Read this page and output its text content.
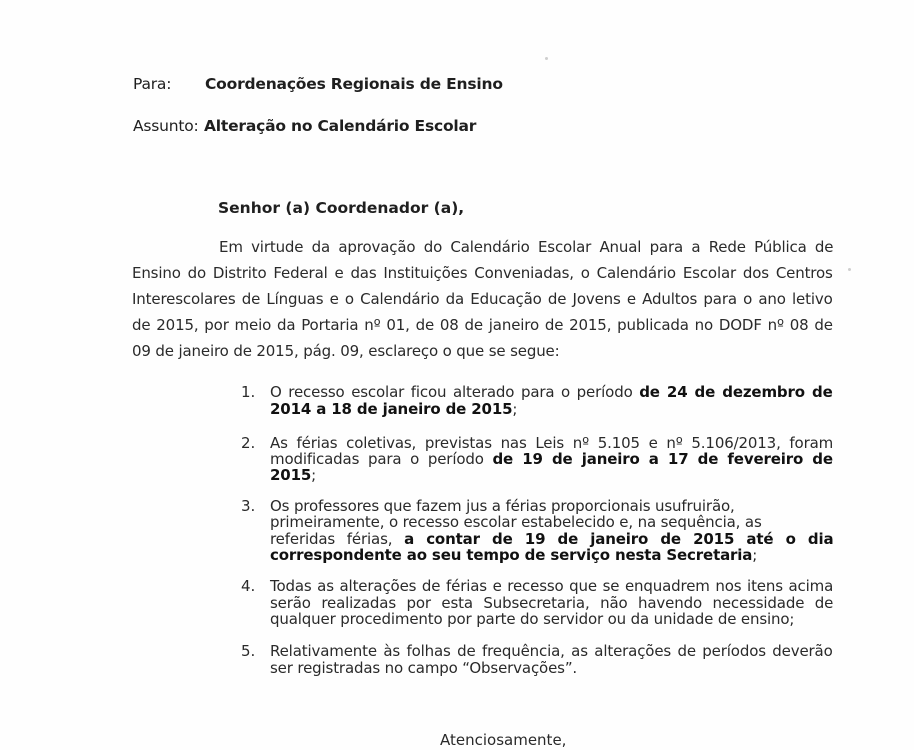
Para: Coordenações Regionais de Ensino
Assunto: Alteração no Calendário Escolar
Senhor (a) Coordenador (a),
Em virtude da aprovação do Calendário Escolar Anual para a Rede Pública de
Ensino do Distrito Federal e das Instituições Conveniadas, o Calendário Escolar dos Centros
Interescolares de Línguas e o Calendário da Educação de Jovens e Adultos para o ano letivo
de 2015, por meio da Portaria nº 01, de 08 de janeiro de 2015, publicada no DODF nº 08 de
09 de janeiro de 2015, pág. 09, esclareço o que se segue:
1. O recesso escolar ficou alterado para o período de 24 de dezembro de
2014 a 18 de janeiro de 2015;
2. As férias coletivas, previstas nas Leis nº 5.105 e nº 5.106/2013, foram
modificadas para o período de 19 de janeiro a 17 de fevereiro de
2015;
3. Os professores que fazem jus a férias proporcionais usufruirão,
primeiramente, o recesso escolar estabelecido e, na sequência, as
referidas férias, a contar de 19 de janeiro de 2015 até o dia
correspondente ao seu tempo de serviço nesta Secretaria;
4. Todas as alterações de férias e recesso que se enquadrem nos itens acima
serão realizadas por esta Subsecretaria, não havendo necessidade de
qualquer procedimento por parte do servidor ou da unidade de ensino;
5. Relativamente às folhas de frequência, as alterações de períodos deverão
ser registradas no campo “Observações”.
Atenciosamente,
